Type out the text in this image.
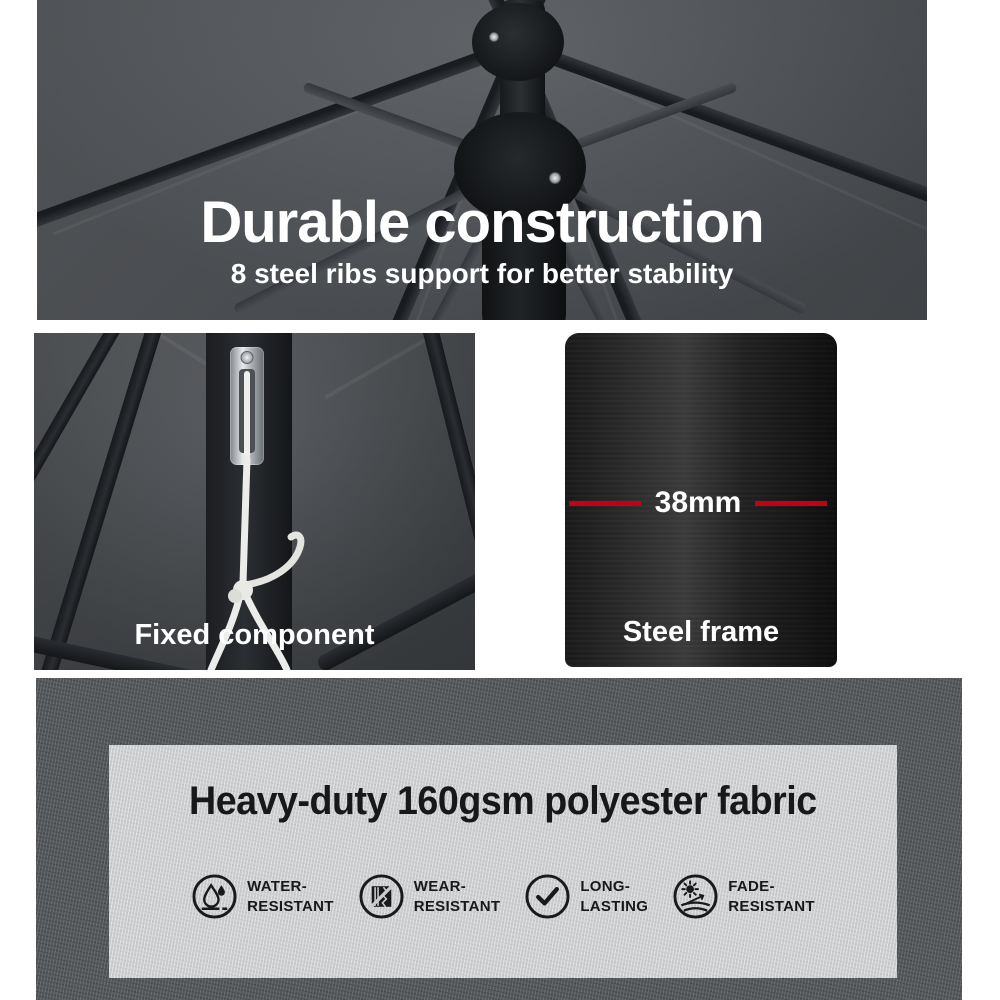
Durable construction
8 steel ribs support for better stability
Fixed component
38mm
Steel frame
Heavy-duty 160gsm polyester fabric
WATER-
RESISTANT
WEAR-
RESISTANT
LONG-
LASTING
FADE-
RESISTANT
